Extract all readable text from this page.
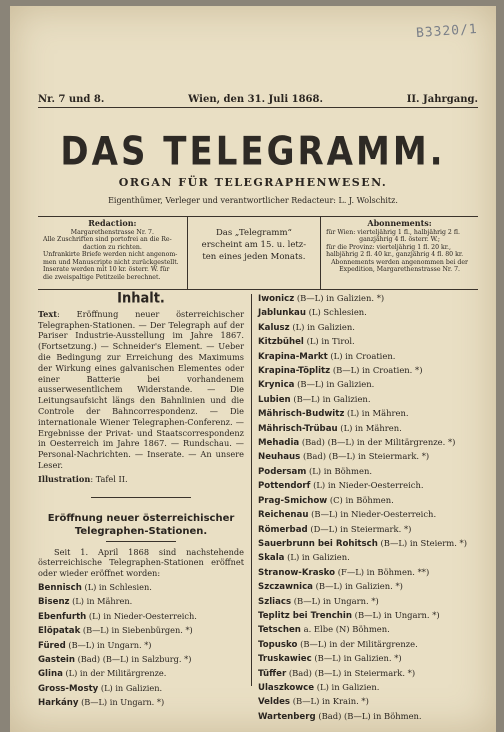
B3320/1
Nr. 7 und 8.	Wien, den 31. Juli 1868.	II. Jahrgang.
DAS TELEGRAMM.
ORGAN FÜR TELEGRAPHENWESEN.
Eigenthümer, Verleger und verantwortlicher Redacteur: L. J. Wolschitz.
Redaction:
Margarethenstrasse Nr. 7.
Alle Zuschriften sind portofrei an die Re-
daction zu richten.
Unfrankirte Briefe werden nicht angenom-
men und Manuscripte nicht zurückgestellt.
Inserate werden mit 10 kr. österr. W. für
die zweispaltige Petitzeile berechnet.
Das „Telegramm“
erscheint am 15. u. letz-
ten eines jeden Monats.
Abonnements:
für Wien: vierteljährig 1 fl., halbjährig 2 fl.
ganzjährig 4 fl. österr. W.;
für die Provinz: vierteljährig 1 fl. 20 kr.,
halbjährig 2 fl. 40 kr., ganzjährig 4 fl. 80 kr.
Abonnements werden angenommen bei der
Expedition, Margarethenstrasse Nr. 7.
Inhalt.
Text: Eröffnung neuer österreichischer Telegraphen-Stationen. — Der Telegraph auf der Pariser Industrie-Ausstellung im Jahre 1867. (Fortsetzung.) — Schneider's Element. — Ueber die Bedingung zur Erreichung des Maximums der Wirkung eines galvanischen Elementes oder einer Batterie bei vorhandenem ausserwesentlichem Widerstande. — Die Leitungsaufsicht längs den Bahnlinien und die Controle der Bahncorrespondenz. — Die internationale Wiener Telegraphen-Conferenz. — Ergebnisse der Privat- und Staatscorrespondenz in Oesterreich im Jahre 1867. — Rundschau. — Personal-Nachrichten. — Inserate. — An unsere Leser.
Illustration: Tafel II.
Eröffnung neuer österreichischer
Telegraphen-Stationen.
Seit 1. April 1868 sind nachstehende österreichische Telegraphen-Stationen eröffnet oder wieder eröffnet worden:
Bennisch (L) in Schlesien.
Bisenz (L) in Mähren.
Ebenfurth (L) in Nieder-Oesterreich.
Elöpatak (B—L) in Siebenbürgen. *)
Füred (B—L) in Ungarn. *)
Gastein (Bad) (B—L) in Salzburg. *)
Glina (L) in der Militärgrenze.
Gross-Mosty (L) in Galizien.
Harkány (B—L) in Ungarn. *)
Iwonicz (B—L) in Galizien. *)
Jablunkau (L) Schlesien.
Kalusz (L) in Galizien.
Kitzbühel (L) in Tirol.
Krapina-Markt (L) in Croatien.
Krapina-Töplitz (B—L) in Croatien. *)
Krynica (B—L) in Galizien.
Lubien (B—L) in Galizien.
Mährisch-Budwitz (L) in Mähren.
Mährisch-Trübau (L) in Mähren.
Mehadia (Bad) (B—L) in der Militärgrenze. *)
Neuhaus (Bad) (B—L) in Steiermark. *)
Podersam (L) in Böhmen.
Pottendorf (L) in Nieder-Oesterreich.
Prag-Smichow (C) in Böhmen.
Reichenau (B—L) in Nieder-Oesterreich.
Römerbad (D—L) in Steiermark. *)
Sauerbrunn bei Rohitsch (B—L) in Steierm. *)
Skala (L) in Galizien.
Stranow-Krasko (F—L) in Böhmen. **)
Szczawnica (B—L) in Galizien. *)
Szliacs (B—L) in Ungarn. *)
Teplitz bei Trenchin (B—L) in Ungarn. *)
Tetschen a. Elbe (N) Böhmen.
Topusko (B—L) in der Militärgrenze.
Truskawiec (B—L) in Galizien. *)
Tüffer (Bad) (B—L) in Steiermark. *)
Ulaszkowce (L) in Galizien.
Veldes (B—L) in Krain. *)
Wartenberg (Bad) (B—L) in Böhmen.
